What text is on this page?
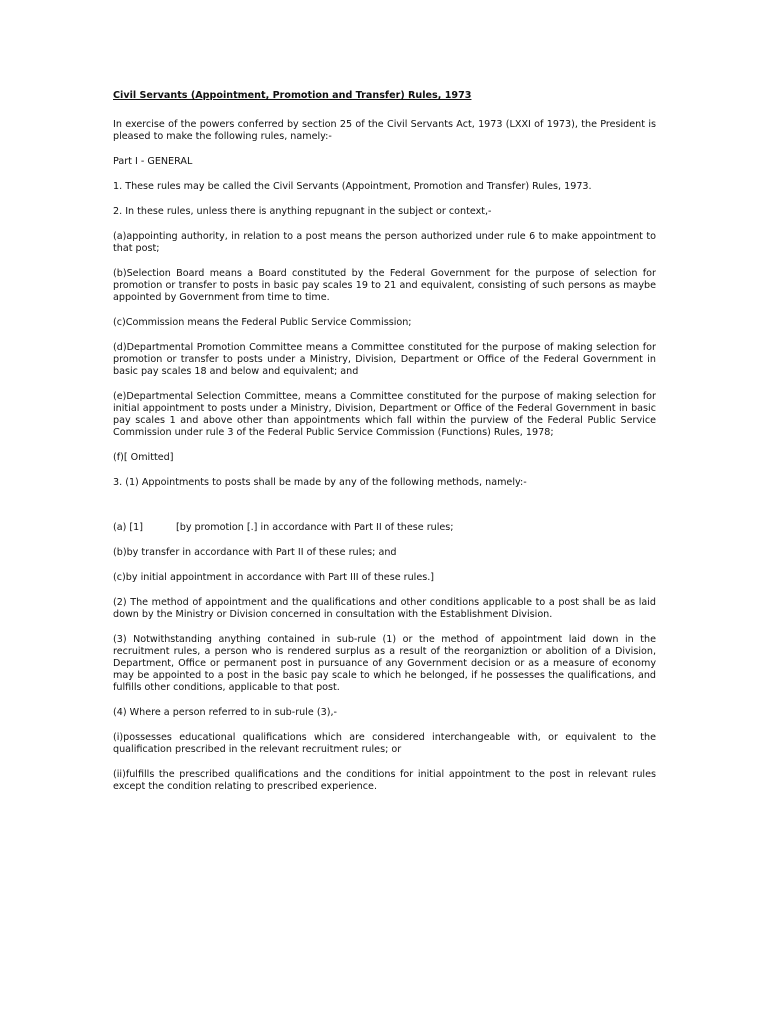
Civil Servants (Appointment, Promotion and Transfer) Rules, 1973
In exercise of the powers conferred by section 25 of the Civil Servants Act, 1973 (LXXI of 1973), the President is pleased to make the following rules, namely:-
Part I - GENERAL
1. These rules may be called the Civil Servants (Appointment, Promotion and Transfer) Rules, 1973.
2. In these rules, unless there is anything repugnant in the subject or context,-
(a)appointing authority, in relation to a post means the person authorized under rule 6 to make appointment to that post;
(b)Selection Board means a Board constituted by the Federal Government for the purpose of selection for promotion or transfer to posts in basic pay scales 19 to 21 and equivalent, consisting of such persons as maybe appointed by Government from time to time.
(c)Commission means the Federal Public Service Commission;
(d)Departmental Promotion Committee means a Committee constituted for the purpose of making selection for promotion or transfer to posts under a Ministry, Division, Department or Office of the Federal Government in basic pay scales 18 and below and equivalent; and
(e)Departmental Selection Committee, means a Committee constituted for the purpose of making selection for initial appointment to posts under a Ministry, Division, Department or Office of the Federal Government in basic pay scales 1 and above other than appointments which fall within the purview of the Federal Public Service Commission under rule 3 of the Federal Public Service Commission (Functions) Rules, 1978;
(f)[ Omitted]
3. (1) Appointments to posts shall be made by any of the following methods, namely:-
(a) [1]	[by promotion [.] in accordance with Part II of these rules;
(b)by transfer in accordance with Part II of these rules; and
(c)by initial appointment in accordance with Part III of these rules.]
(2) The method of appointment and the qualifications and other conditions applicable to a post shall be as laid down by the Ministry or Division concerned in consultation with the Establishment Division.
(3) Notwithstanding anything contained in sub-rule (1) or the method of appointment laid down in the recruitment rules, a person who is rendered surplus as a result of the reorganiztion or abolition of a Division, Department, Office or permanent post in pursuance of any Government decision or as a measure of economy may be appointed to a post in the basic pay scale to which he belonged, if he possesses the qualifications, and fulfills other conditions, applicable to that post.
(4) Where a person referred to in sub-rule (3),-
(i)possesses educational qualifications which are considered interchangeable with, or equivalent to the qualification prescribed in the relevant recruitment rules; or
(ii)fulfills the prescribed qualifications and the conditions for initial appointment to the post in relevant rules except the condition relating to prescribed experience.
